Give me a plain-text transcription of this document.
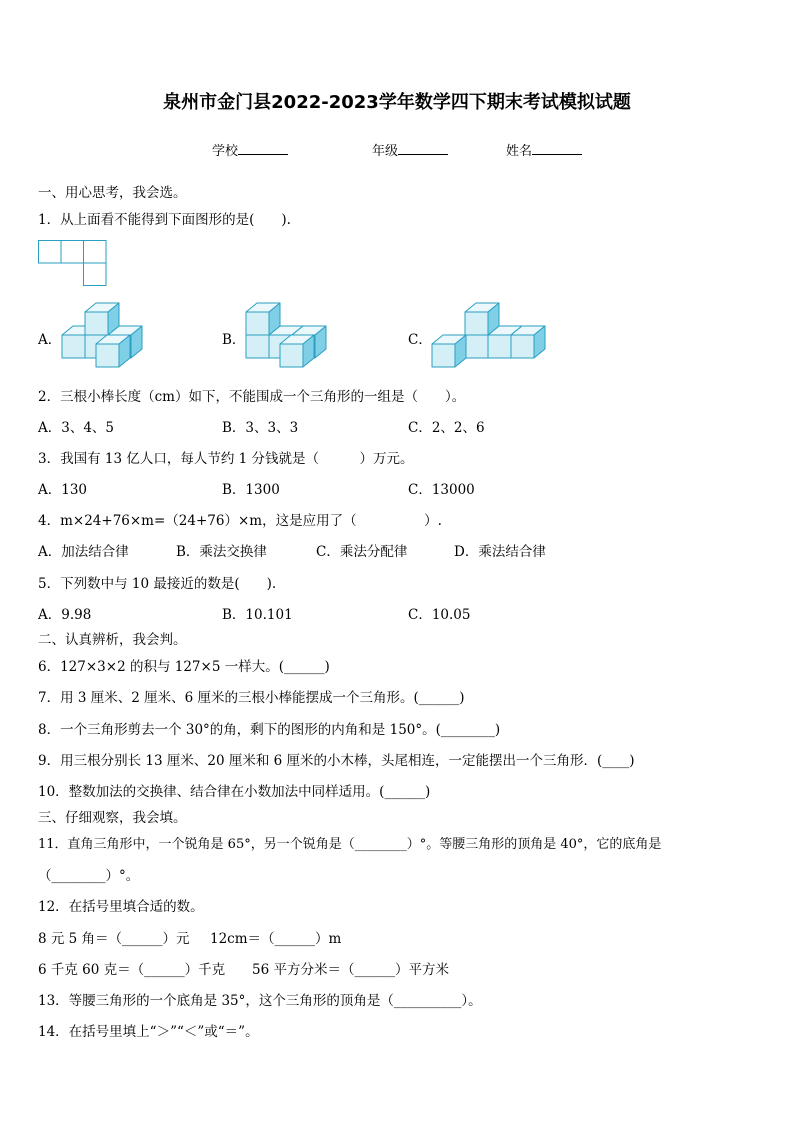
泉州市金门县2022-2023学年数学四下期末考试模拟试题
学校	年级	姓名
一、用心思考，我会选。
1．从上面看不能得到下面图形的是(　　).
A．	B．	C．
2．三根小棒长度（cm）如下，不能围成一个三角形的一组是（　　）。
A．3、4、5	B．3、3、3	C．2、2、6
3．我国有 13 亿人口，每人节约 1 分钱就是（　　　）万元。
A．130	B．1300	C．13000
4．m×24+76×m=（24+76）×m，这是应用了（　　　　　）.
A．加法结合律	B．乘法交换律	C．乘法分配律	D．乘法结合律
5．下列数中与 10 最接近的数是(　　).
A．9.98	B．10.101	C．10.05
二、认真辨析，我会判。
6．127×3×2 的积与 127×5 一样大。(______)
7．用 3 厘米、2 厘米、6 厘米的三根小棒能摆成一个三角形。(______)
8．一个三角形剪去一个 30°的角，剩下的图形的内角和是 150°。(________)
9．用三根分别长 13 厘米、20 厘米和 6 厘米的小木棒，头尾相连，一定能摆出一个三角形．(____)
10．整数加法的交换律、结合律在小数加法中同样适用。(______)
三、仔细观察，我会填。
11．直角三角形中，一个锐角是 65°，另一个锐角是（________）°。等腰三角形的顶角是 40°，它的底角是
（________）°。
12．在括号里填合适的数。
8 元 5 角＝（______）元 12cm＝（______）m
6 千克 60 克＝（______）千克 56 平方分米＝（______）平方米
13．等腰三角形的一个底角是 35°，这个三角形的顶角是（__________）。
14．在括号里填上“＞”“＜”或“＝”。
